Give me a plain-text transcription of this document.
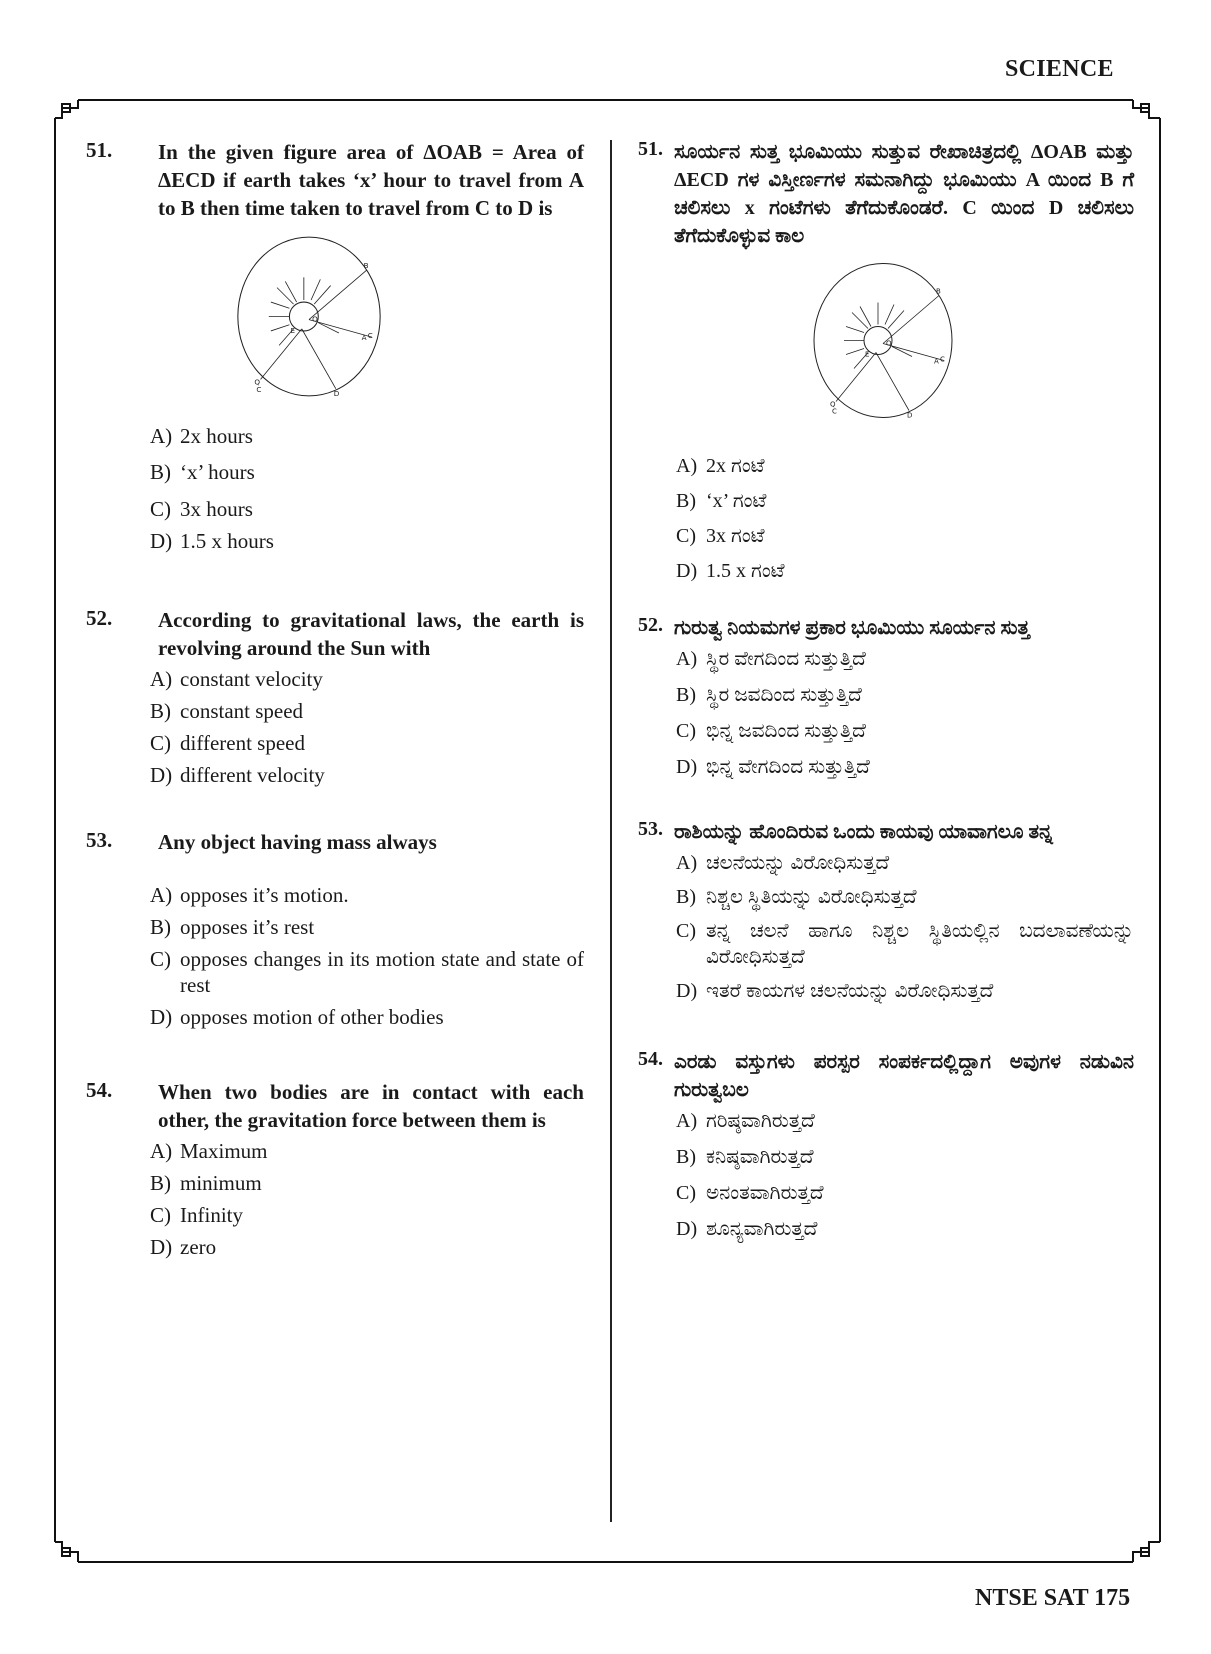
SCIENCE
51. In the given figure area of ΔOAB = Area of ΔECD if earth takes ‘x’ hour to travel from A to B then time taken to travel from C to D is
B
O
A C
E
Q
C	D
A) 2x hours
B) ‘x’ hours
C) 3x hours
D) 1.5 x hours
52. According to gravitational laws, the earth is revolving around the Sun with
A) constant velocity
B) constant speed
C) different speed
D) different velocity
53. Any object having mass always
A) opposes it’s motion.
B) opposes it’s rest
C) opposes changes in its motion state and state of rest
D) opposes motion of other bodies
54. When two bodies are in contact with each other, the gravitation force between them is
A) Maximum
B) minimum
C) Infinity
D) zero
51. ಸೂರ್ಯನ ಸುತ್ತ ಭೂಮಿಯು ಸುತ್ತುವ ರೇಖಾಚಿತ್ರದಲ್ಲಿ ΔOAB ಮತ್ತು ΔECD ಗಳ ವಿಸ್ತೀರ್ಣಗಳ ಸಮನಾಗಿದ್ದು ಭೂಮಿಯು A ಯಿಂದ B ಗೆ ಚಲಿಸಲು x ಗಂಟೆಗಳು ತೆಗೆದುಕೊಂಡರೆ. C ಯಿಂದ D ಚಲಿಸಲು ತೆಗೆದುಕೊಳ್ಳುವ ಕಾಲ
B
O
A C
E
Q
C	D
A) 2x ಗಂಟೆ
B) ‘x’ ಗಂಟೆ
C) 3x ಗಂಟೆ
D) 1.5 x ಗಂಟೆ
52. ಗುರುತ್ವ ನಿಯಮಗಳ ಪ್ರಕಾರ ಭೂಮಿಯು ಸೂರ್ಯನ ಸುತ್ತ
A) ಸ್ಥಿರ ವೇಗದಿಂದ ಸುತ್ತುತ್ತಿದೆ
B) ಸ್ಥಿರ ಜವದಿಂದ ಸುತ್ತುತ್ತಿದೆ
C) ಭಿನ್ನ ಜವದಿಂದ ಸುತ್ತುತ್ತಿದೆ
D) ಭಿನ್ನ ವೇಗದಿಂದ ಸುತ್ತುತ್ತಿದೆ
53. ರಾಶಿಯನ್ನು ಹೊಂದಿರುವ ಒಂದು ಕಾಯವು ಯಾವಾಗಲೂ ತನ್ನ
A) ಚಲನೆಯನ್ನು ವಿರೋಧಿಸುತ್ತದೆ
B) ನಿಶ್ಚಲ ಸ್ಥಿತಿಯನ್ನು ವಿರೋಧಿಸುತ್ತದೆ
C) ತನ್ನ ಚಲನೆ ಹಾಗೂ ನಿಶ್ಚಲ ಸ್ಥಿತಿಯಲ್ಲಿನ ಬದಲಾವಣೆಯನ್ನು ವಿರೋಧಿಸುತ್ತದೆ
D) ಇತರೆ ಕಾಯಗಳ ಚಲನೆಯನ್ನು ವಿರೋಧಿಸುತ್ತದೆ
54. ಎರಡು ವಸ್ತುಗಳು ಪರಸ್ಪರ ಸಂಪರ್ಕದಲ್ಲಿದ್ದಾಗ ಅವುಗಳ ನಡುವಿನ ಗುರುತ್ವಬಲ
A) ಗರಿಷ್ಠವಾಗಿರುತ್ತದೆ
B) ಕನಿಷ್ಠವಾಗಿರುತ್ತದೆ
C) ಅನಂತವಾಗಿರುತ್ತದೆ
D) ಶೂನ್ಯವಾಗಿರುತ್ತದೆ
NTSE SAT 175
